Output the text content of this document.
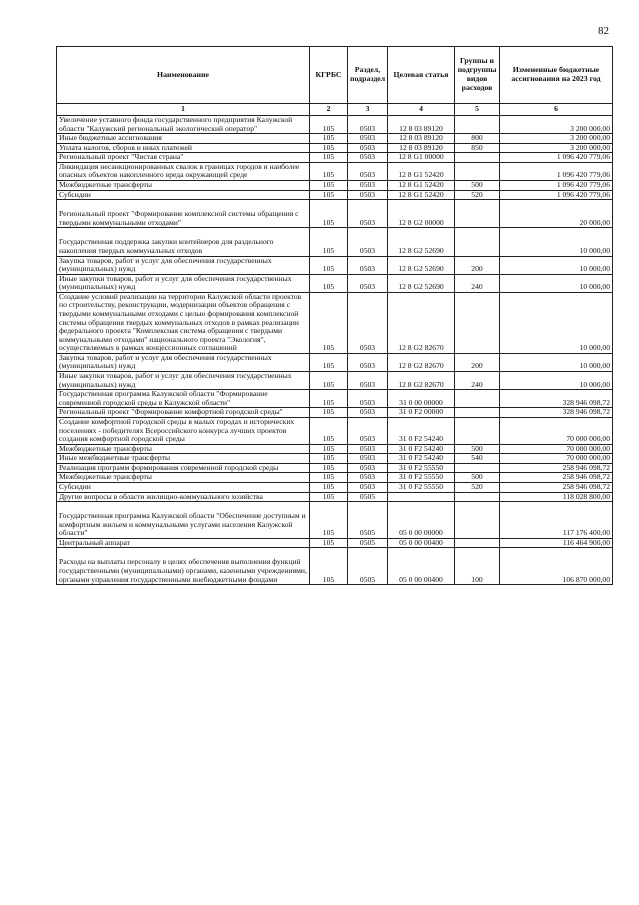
82
Наименование	КГРБС	Раздел, подраздел	Целевая статья	Группы и подгруппы видов расходов	Измененные бюджетные ассигнования на 2023 год
1	2	3	4	5	6
Увеличение уставного фонда государственного предприятия Калужской области "Калужский региональный экологический оператор"	105	0503	12 8 03 89120		3 200 000,00
Иные бюджетные ассигнования	105	0503	12 8 03 89120	800	3 200 000,00
Уплата налогов, сборов и иных платежей	105	0503	12 8 03 89120	850	3 200 000,00
Региональный проект "Чистая страна"	105	0503	12 8 G1 00000		1 096 420 779,06
Ликвидация несанкционированных свалок в границах городов и наиболее опасных объектов накопленного вреда окружающей среде	105	0503	12 8 G1 52420		1 096 420 779,06
Межбюджетные трансферты	105	0503	12 8 G1 52420	500	1 096 420 779,06
Субсидии	105	0503	12 8 G1 52420	520	1 096 420 779,06
Региональный проект "Формирование комплексной системы обращения с твердыми коммунальными отходами"	105	0503	12 8 G2 00000		20 000,00
Государственная поддержка закупки контейнеров для раздельного накопления твердых коммунальных отходов	105	0503	12 8 G2 52690		10 000,00
Закупка товаров, работ и услуг для обеспечения государственных (муниципальных) нужд	105	0503	12 8 G2 52690	200	10 000,00
Иные закупки товаров, работ и услуг для обеспечения государственных (муниципальных) нужд	105	0503	12 8 G2 52690	240	10 000,00
Создание условий реализации на территории Калужской области проектов по строительству, реконструкции, модернизации объектов обращения с твердыми коммунальными отходами с целью формирования комплексной системы обращения твердых коммунальных отходов в рамках реализации федерального проекта "Комплексная система обращения с твердыми коммунальными отходами" национального проекта "Экология", осуществляемых в рамках концессионных соглашений	105	0503	12 8 G2 82670		10 000,00
Закупка товаров, работ и услуг для обеспечения государственных (муниципальных) нужд	105	0503	12 8 G2 82670	200	10 000,00
Иные закупки товаров, работ и услуг для обеспечения государственных (муниципальных) нужд	105	0503	12 8 G2 82670	240	10 000,00
Государственная программа Калужской области "Формирование современной городской среды в Калужской области"	105	0503	31 0 00 00000		328 946 098,72
Региональный проект "Формирование комфортной городской среды"	105	0503	31 0 F2 00000		328 946 098,72
Создание комфортной городской среды в малых городах и исторических поселениях - победителях Всероссийского конкурса лучших проектов создания комфортной городской среды	105	0503	31 0 F2 54240		70 000 000,00
Межбюджетные трансферты	105	0503	31 0 F2 54240	500	70 000 000,00
Иные межбюджетные трансферты	105	0503	31 0 F2 54240	540	70 000 000,00
Реализация программ формирования современной городской среды	105	0503	31 0 F2 55550		258 946 098,72
Межбюджетные трансферты	105	0503	31 0 F2 55550	500	258 946 098,72
Субсидии	105	0503	31 0 F2 55550	520	258 946 098,72
Другие вопросы в области жилищно-коммунального хозяйства	105	0505			118 028 800,00
Государственная программа Калужской области "Обеспечение доступным и комфортным жильем и коммунальными услугами населения Калужской области"	105	0505	05 0 00 00000		117 176 400,00
Центральный аппарат	105	0505	05 0 00 00400		116 464 900,00
Расходы на выплаты персоналу в целях обеспечения выполнения функций государственными (муниципальными) органами, казенными учреждениями, органами управления государственными внебюджетными фондами	105	0505	05 0 00 00400	100	106 870 000,00
